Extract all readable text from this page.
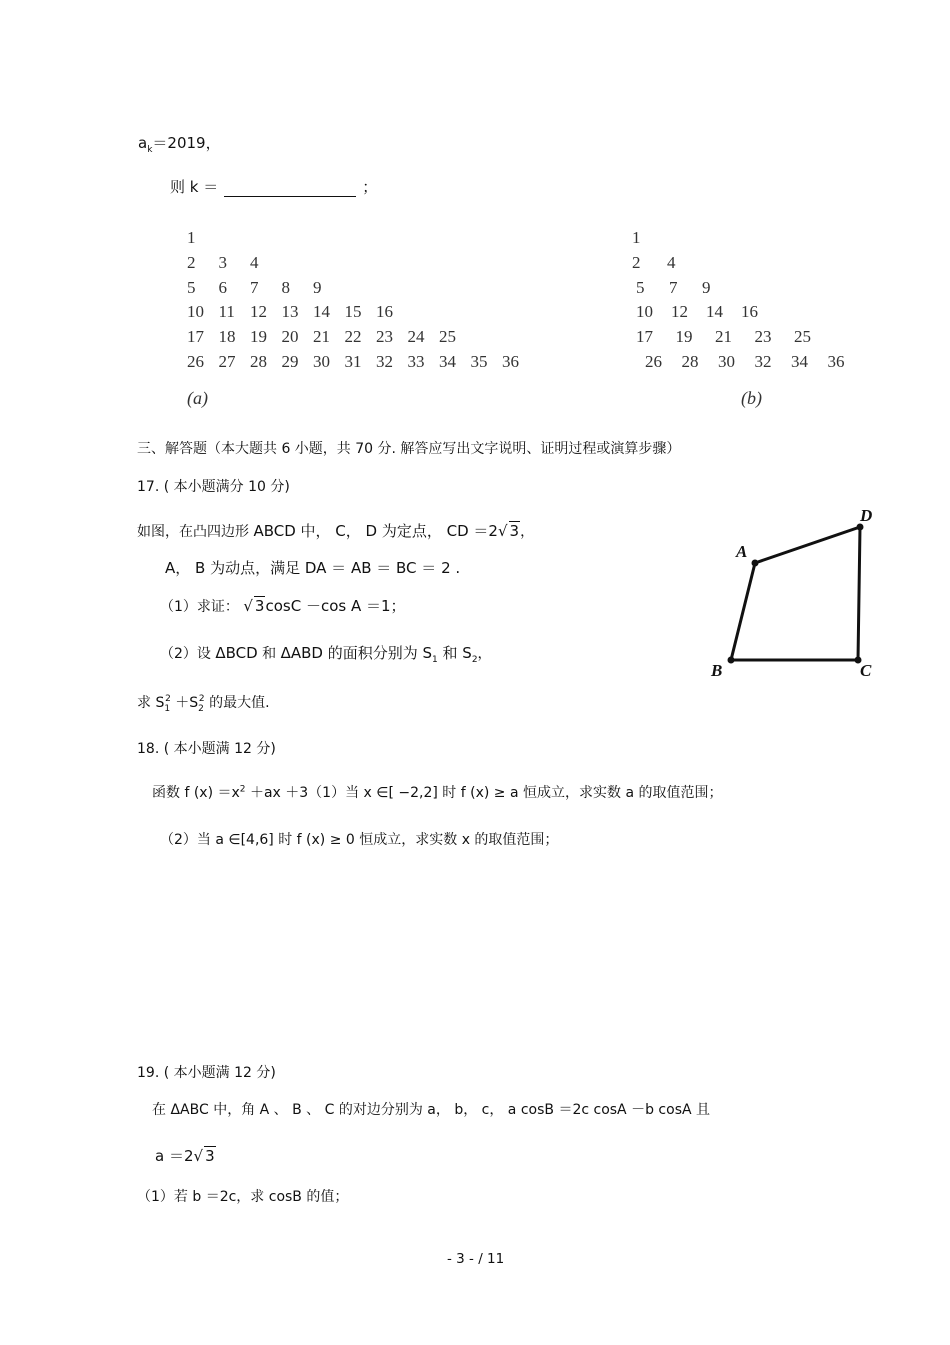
$a_k=2019$，
则 k ＝	；
1
2 3 4
5 6 7 8 9
10 11 12 13 14 15 16
17 18 19 20 21 22 23 24 25
26 27 28 29 30 31 32 33 34 35 36
(a)
1
2 4
5 7 9
10 12 14 16
17 19 21 23 25
26 28 30 32 34 36
(b)
三、解答题（本大题共 6 小题，共 70 分. 解答应写出文字说明、证明过程或演算步骤）
17. ( 本小题满分 10 分)
如图，在凸四边形 ABCD 中， C， D 为定点， CD ＝2√ 3，
A， B 为动点，满足 DA ＝ AB ＝ BC ＝ 2 .
（1）求证： √ 3cosC －cos A ＝1；
（2）设 ΔBCD 和 ΔABD 的面积分别为 $S_1$ 和 $S_2$，
求 $S_1^2 +S_2^2$ 的最大值.
A
D
B	C
18. ( 本小题满 12 分)
函数 f $(x) =x^2 +ax +3(1)$当 x ∈[ −2,2] 时 f (x) ≥ a 恒成立，求实数 a 的取值范围；
（2）当 a ∈[4,6] 时 f (x) ≥ 0 恒成立，求实数 x 的取值范围；
19. ( 本小题满 12 分)
在 ΔABC 中，角 A 、 B 、 C 的对边分别为 a， b， c， a cosB ＝2c cosA －b cosA 且
a ＝2√ 3
（1）若 b ＝2c，求 cosB 的值；
- 3 - / 11
